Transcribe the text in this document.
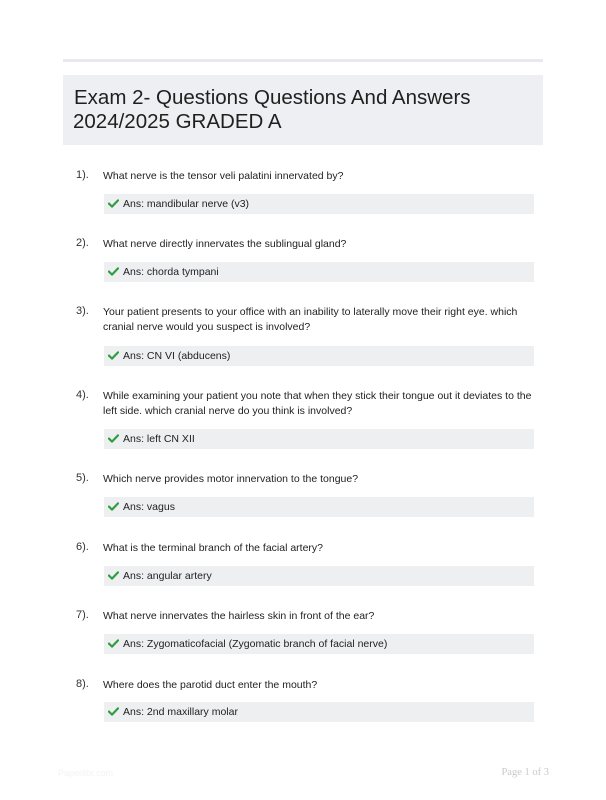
Exam 2- Questions Questions And Answers
2024/2025 GRADED A
1). What nerve is the tensor veli palatini innervated by?
Ans: mandibular nerve (v3)
2). What nerve directly innervates the sublingual gland?
Ans: chorda tympani
3). Your patient presents to your office with an inability to laterally move their right eye. which cranial nerve would you suspect is involved?
Ans: CN VI (abducens)
4). While examining your patient you note that when they stick their tongue out it deviates to the left side. which cranial nerve do you think is involved?
Ans: left CN XII
5). Which nerve provides motor innervation to the tongue?
Ans: vagus
6). What is the terminal branch of the facial artery?
Ans: angular artery
7). What nerve innervates the hairless skin in front of the ear?
Ans: Zygomaticofacial (Zygomatic branch of facial nerve)
8). Where does the parotid duct enter the mouth?
Ans: 2nd maxillary molar
Paperlibr.com	Page 1 of 3
